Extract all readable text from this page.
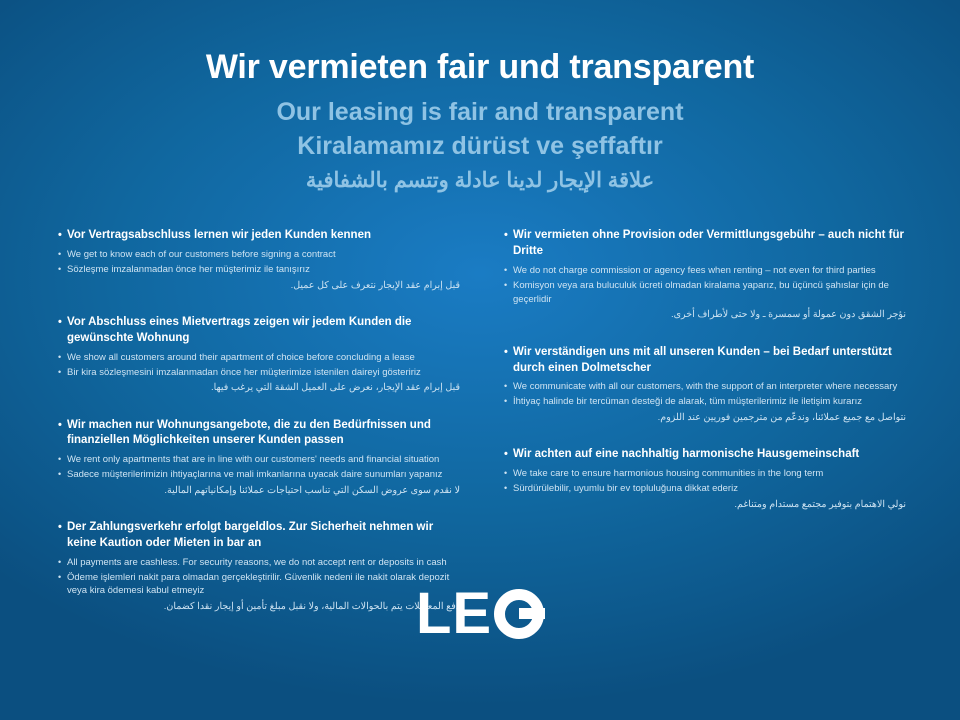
Wir vermieten fair und transparent
Our leasing is fair and transparent
Kiralamamız dürüst ve şeffaftır
علاقة الإيجار لدينا عادلة وتتسم بالشفافية
• Vor Vertragsabschluss lernen wir jeden Kunden kennen
• We get to know each of our customers before signing a contract
• Sözleşme imzalanmadan önce her müşterimiz ile tanışırız
قبل إبرام عقد الإيجار نتعرف على كل عميل.
• Vor Abschluss eines Mietvertrags zeigen wir jedem Kunden die gewünschte Wohnung
• We show all customers around their apartment of choice before concluding a lease
• Bir kira sözleşmesini imzalanmadan önce her müşterimize istenilen daireyi gösteririz
قبل إبرام عقد الإيجار، نعرض على العميل الشقة التي يرغب فيها.
• Wir machen nur Wohnungsangebote, die zu den Bedürfnissen und finanziellen Möglichkeiten unserer Kunden passen
• We rent only apartments that are in line with our customers' needs and financial situation
• Sadece müşterilerimizin ihtiyaçlarına ve mali imkanlarına uyacak daire sunumları yapanız
لا نقدم سوى عروض السكن التي تناسب احتياجات عملائنا وإمكانياتهم المالية.
• Der Zahlungsverkehr erfolgt bargeldlos. Zur Sicherheit nehmen wir keine Kaution oder Mieten in bar an
• All payments are cashless. For security reasons, we do not accept rent or deposits in cash
• Ödeme işlemleri nakit para olmadan gerçekleştirilir. Güvenlik nedeni ile nakit olarak depozit veya kira ödemesi kabul etmeyiz
دفع المعاملات يتم بالحوالات المالية، ولا نقبل مبلغ تأمين أو إيجار نقدا كضمان.
• Wir vermieten ohne Provision oder Vermittlungsgebühr – auch nicht für Dritte
• We do not charge commission or agency fees when renting – not even for third parties
• Komisyon veya ara buluculuk ücreti olmadan kiralama yaparız, bu üçüncü şahıslar için de geçerlidir
نؤجر الشقق دون عمولة أو سمسرة ـ ولا حتى لأطراف أخرى.
• Wir verständigen uns mit all unseren Kunden – bei Bedarf unterstützt durch einen Dolmetscher
• We communicate with all our customers, with the support of an interpreter where necessary
• İhtiyaç halinde bir tercüman desteği de alarak, tüm müşterilerimiz ile iletişim kurarız
نتواصل مع جميع عملائنا، وندعّم من مترجمين فوريين عند اللزوم.
• Wir achten auf eine nachhaltig harmonische Hausgemeinschaft
• We take care to ensure harmonious housing communities in the long term
• Sürdürülebilir, uyumlu bir ev topluluğuna dikkat ederiz
نولي الاهتمام بتوفير مجتمع مستدام ومتناغم.
LE
